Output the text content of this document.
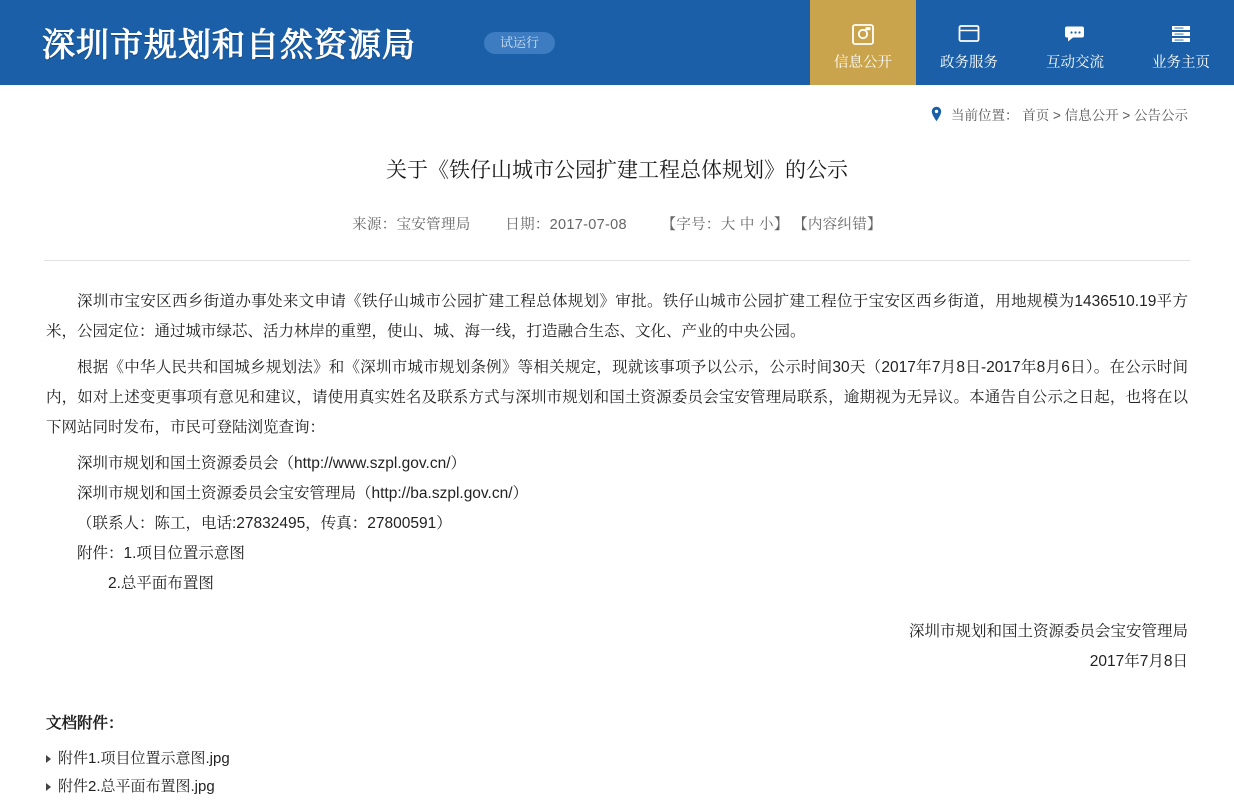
深圳市规划和自然资源局	试运行
信息公开	政务服务	互动交流	业务主页
当前位置： 首页 > 信息公开 > 公告公示
关于《铁仔山城市公园扩建工程总体规划》的公示
来源：宝安管理局 日期：2017-07-08 【字号：大 中 小】 【内容纠错】

深圳市宝安区西乡街道办事处来文申请《铁仔山城市公园扩建工程总体规划》审批。铁仔山城市公园扩建工程位于宝安区西乡街道，用地规模为1436510.19平方米，公园定位：通过城市绿芯、活力林岸的重塑，使山、城、海一线，打造融合生态、文化、产业的中央公园。

根据《中华人民共和国城乡规划法》和《深圳市城市规划条例》等相关规定，现就该事项予以公示，公示时间30天（2017年7月8日-2017年8月6日）。在公示时间内，如对上述变更事项有意见和建议，请使用真实姓名及联系方式与深圳市规划和国土资源委员会宝安管理局联系，逾期视为无异议。本通告自公示之日起，也将在以下网站同时发布，市民可登陆浏览查询：

深圳市规划和国土资源委员会（http://www.szpl.gov.cn/）

深圳市规划和国土资源委员会宝安管理局（http://ba.szpl.gov.cn/）

（联系人：陈工，电话:27832495，传真：27800591）

附件：1.项目位置示意图

2.总平面布置图

深圳市规划和国土资源委员会宝安管理局
2017年7月8日
文档附件：
附件1.项目位置示意图.jpg
附件2.总平面布置图.jpg
